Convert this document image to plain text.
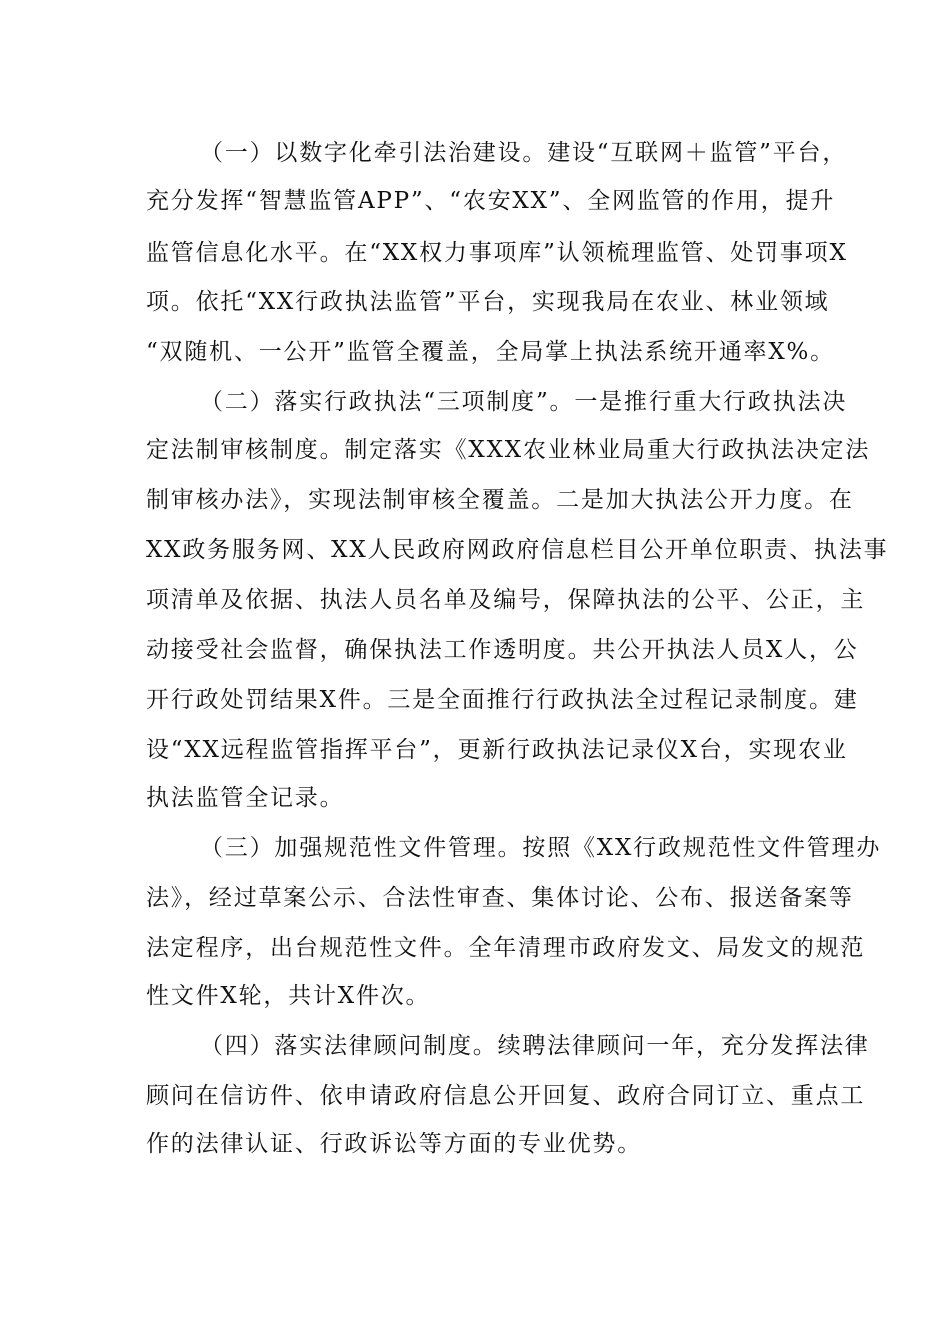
（一）以数字化牵引法治建设。建设“互联网＋监管”平台，
充分发挥“智慧监管APP”、“农安XX”、全网监管的作用，提升
监管信息化水平。在“XX权力事项库”认领梳理监管、处罚事项X
项。依托“XX行政执法监管”平台，实现我局在农业、林业领域
“双随机、一公开”监管全覆盖，全局掌上执法系统开通率X%。
（二）落实行政执法“三项制度”。一是推行重大行政执法决
定法制审核制度。制定落实《XXX农业林业局重大行政执法决定法
制审核办法》，实现法制审核全覆盖。二是加大执法公开力度。在
XX政务服务网、XX人民政府网政府信息栏目公开单位职责、执法事
项清单及依据、执法人员名单及编号，保障执法的公平、公正，主
动接受社会监督，确保执法工作透明度。共公开执法人员X人，公
开行政处罚结果X件。三是全面推行行政执法全过程记录制度。建
设“XX远程监管指挥平台”，更新行政执法记录仪X台，实现农业
执法监管全记录。
（三）加强规范性文件管理。按照《XX行政规范性文件管理办
法》，经过草案公示、合法性审查、集体讨论、公布、报送备案等
法定程序，出台规范性文件。全年清理市政府发文、局发文的规范
性文件X轮，共计X件次。
（四）落实法律顾问制度。续聘法律顾问一年，充分发挥法律
顾问在信访件、依申请政府信息公开回复、政府合同订立、重点工
作的法律认证、行政诉讼等方面的专业优势。
